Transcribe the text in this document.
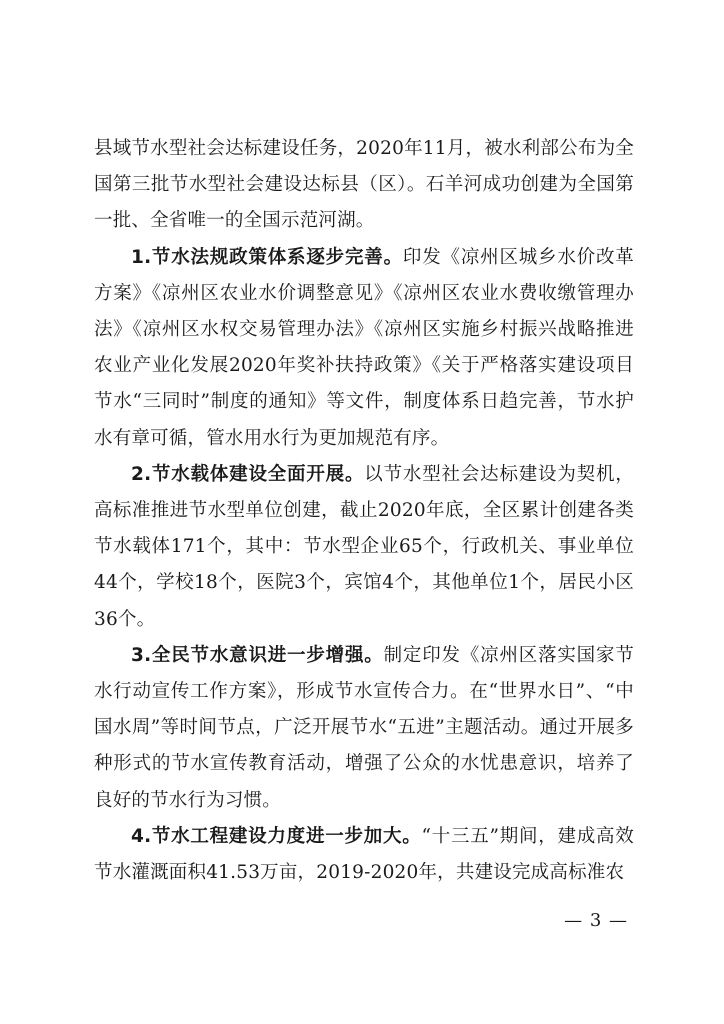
县域节水型社会达标建设任务，2020年11月，被水利部公布为全国第三批节水型社会建设达标县（区）。石羊河成功创建为全国第一批、全省唯一的全国示范河湖。

1.节水法规政策体系逐步完善。印发《凉州区城乡水价改革方案》《凉州区农业水价调整意见》《凉州区农业水费收缴管理办法》《凉州区水权交易管理办法》《凉州区实施乡村振兴战略推进农业产业化发展2020年奖补扶持政策》《关于严格落实建设项目节水“三同时”制度的通知》等文件，制度体系日趋完善，节水护水有章可循，管水用水行为更加规范有序。

2.节水载体建设全面开展。以节水型社会达标建设为契机，高标准推进节水型单位创建，截止2020年底，全区累计创建各类节水载体171个，其中：节水型企业65个，行政机关、事业单位44个，学校18个，医院3个，宾馆4个，其他单位1个，居民小区36个。

3.全民节水意识进一步增强。制定印发《凉州区落实国家节水行动宣传工作方案》，形成节水宣传合力。在“世界水日”、“中国水周”等时间节点，广泛开展节水“五进”主题活动。通过开展多种形式的节水宣传教育活动，增强了公众的水忧患意识，培养了良好的节水行为习惯。

4.节水工程建设力度进一步加大。“十三五”期间，建成高效节水灌溉面积41.53万亩，2019-2020年，共建设完成高标准农

— 3 —
